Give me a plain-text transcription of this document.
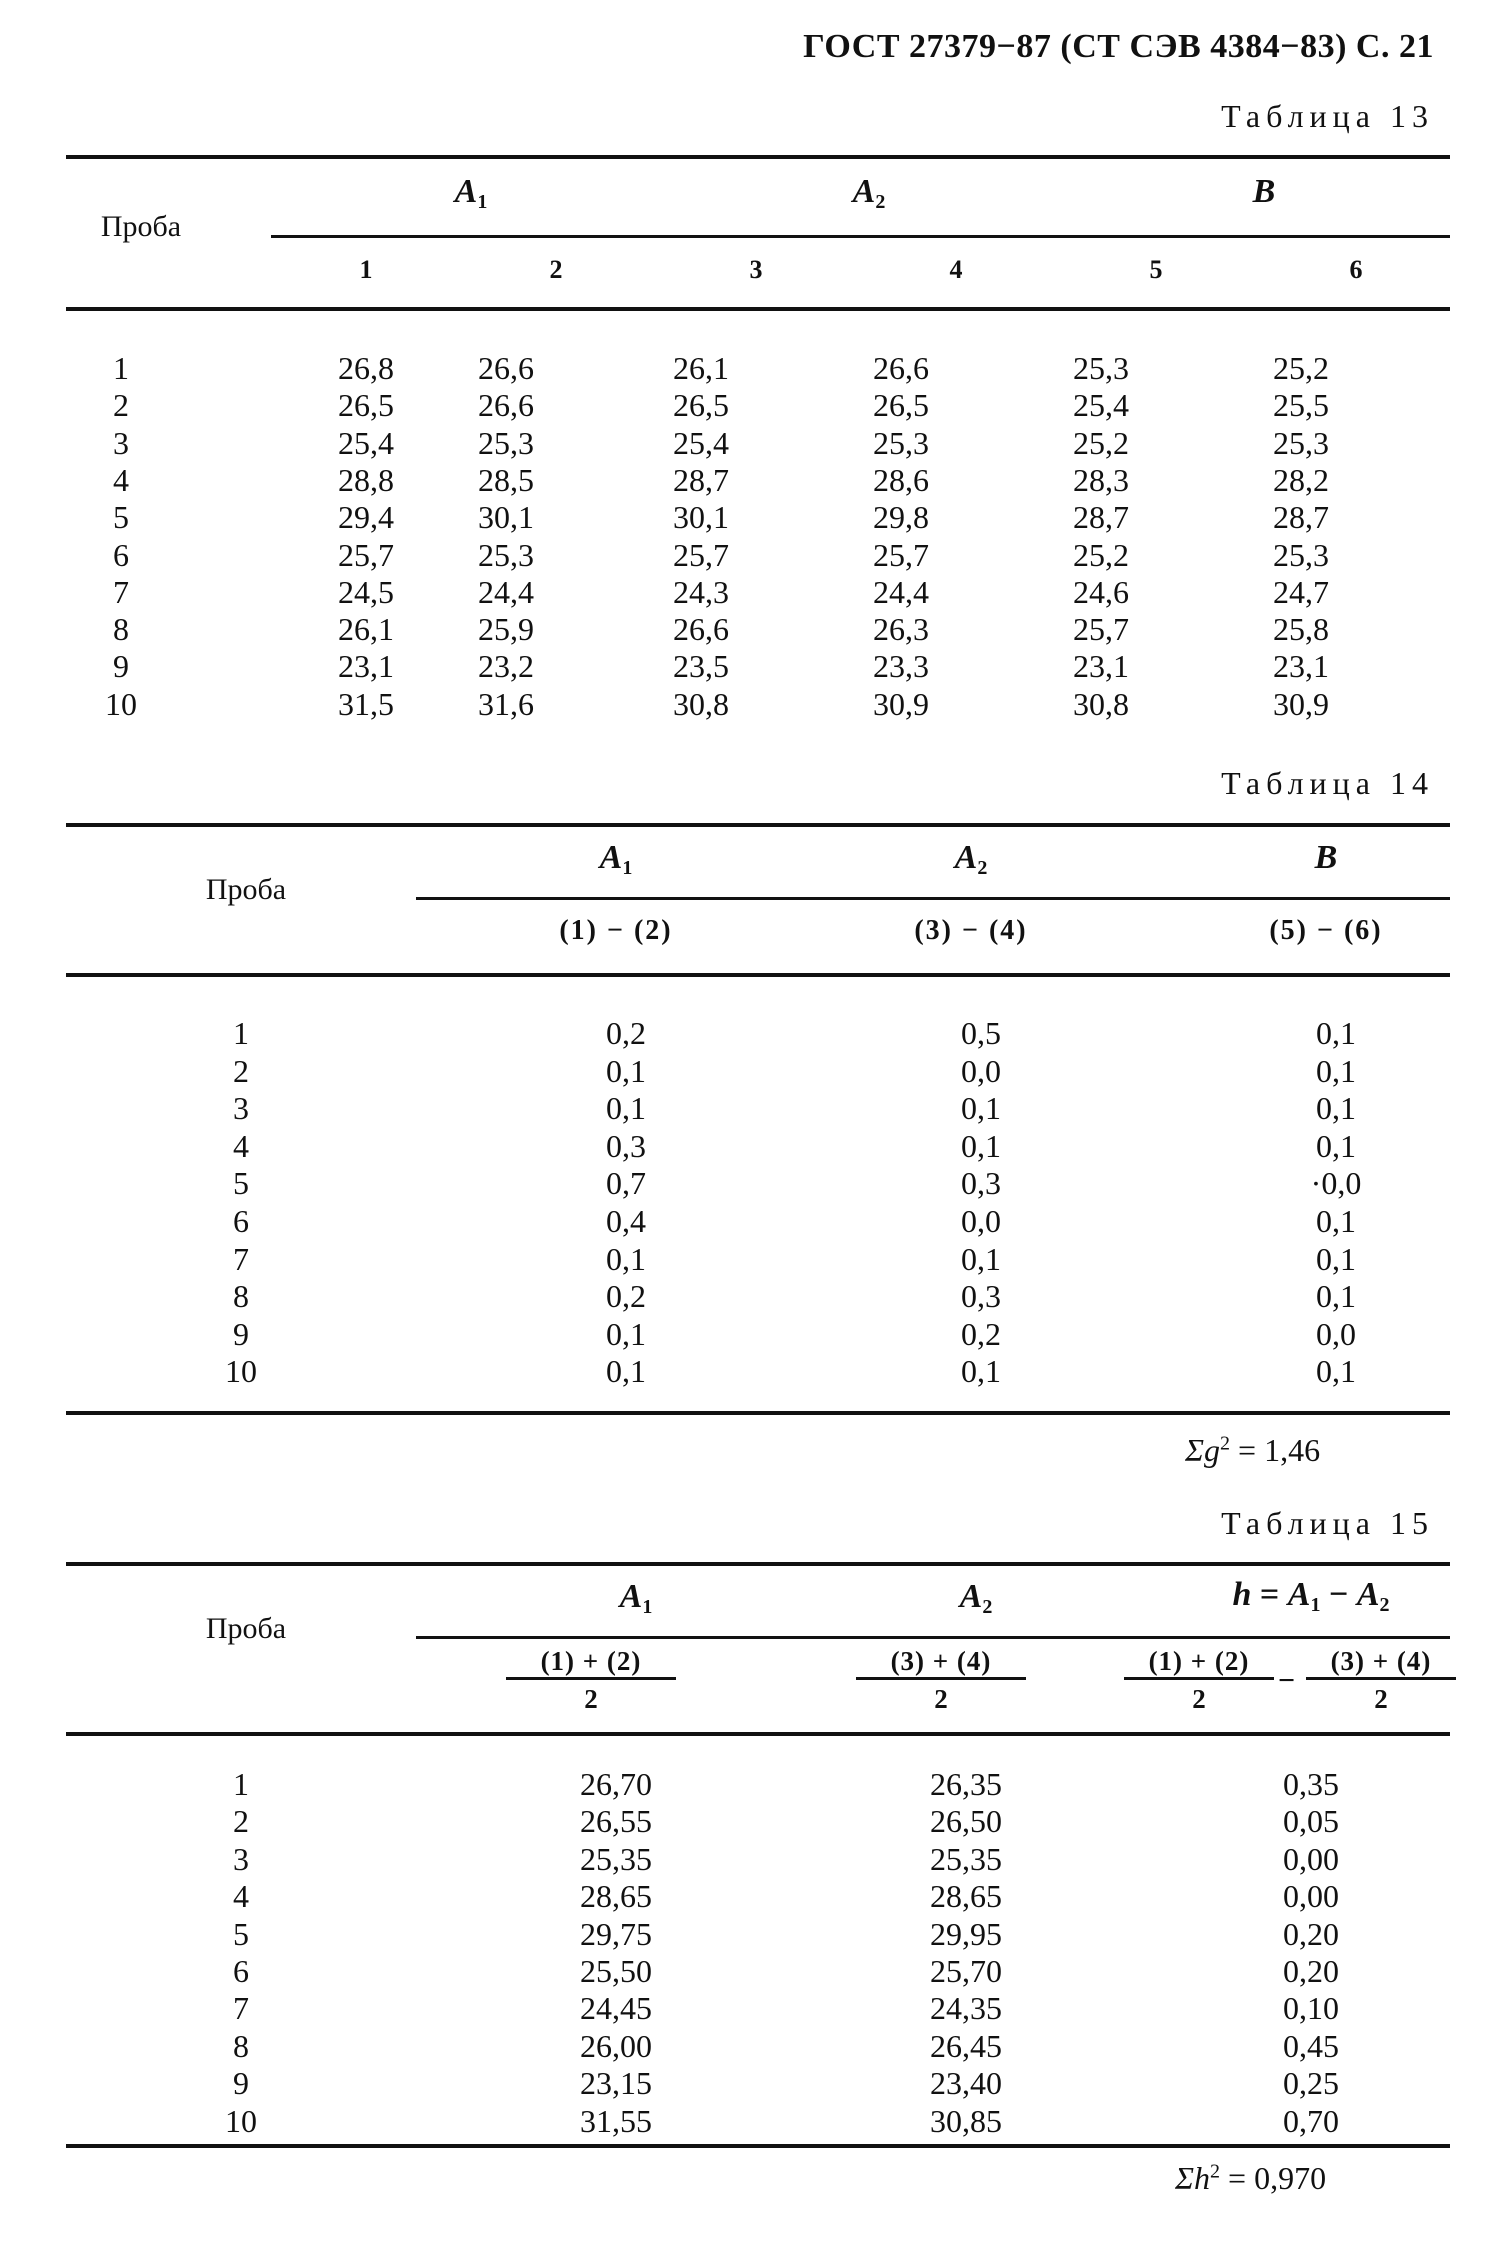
ГОСТ 27379−87 (СТ СЭВ 4384−83) С. 21
Таблица 13
Проба
$A_1$	$A_2$	B
1	2	3	4	5	6
1	26,8	26,6	26,1	26,6	25,3	25,2
2	26,5	26,6	26,5	26,5	25,4	25,5
3	25,4	25,3	25,4	25,3	25,2	25,3
4	28,8	28,5	28,7	28,6	28,3	28,2
5	29,4	30,1	30,1	29,8	28,7	28,7
6	25,7	25,3	25,7	25,7	25,2	25,3
7	24,5	24,4	24,3	24,4	24,6	24,7
8	26,1	25,9	26,6	26,3	25,7	25,8
9	23,1	23,2	23,5	23,3	23,1	23,1
10	31,5	31,6	30,8	30,9	30,8	30,9
Таблица 14
Проба
$A_1$	$A_2$	B
(1) − (2)	(3) − (4)	(5) − (6)
1	0,2	0,5	0,1
2	0,1	0,0	0,1
3	0,1	0,1	0,1
4	0,3	0,1	0,1
5	0,7	0,3	·0,0
6	0,4	0,0	0,1
7	0,1	0,1	0,1
8	0,2	0,3	0,1
9	0,1	0,2	0,0
10	0,1	0,1	0,1
$\Sigma g^2 = 1,46$
Таблица 15
Проба
$A_1$	$A_2$	$h = A_1 - A_2$
$\frac{(1) + (2)}{2}$	$\frac{(3) + (4)}{2}$	$\frac{(1) + (2)}{2} - \frac{(3) + (4)}{2}$
1	26,70	26,35	0,35
2	26,55	26,50	0,05
3	25,35	25,35	0,00
4	28,65	28,65	0,00
5	29,75	29,95	0,20
6	25,50	25,70	0,20
7	24,45	24,35	0,10
8	26,00	26,45	0,45
9	23,15	23,40	0,25
10	31,55	30,85	0,70
$\Sigma h^2 = 0,970$
